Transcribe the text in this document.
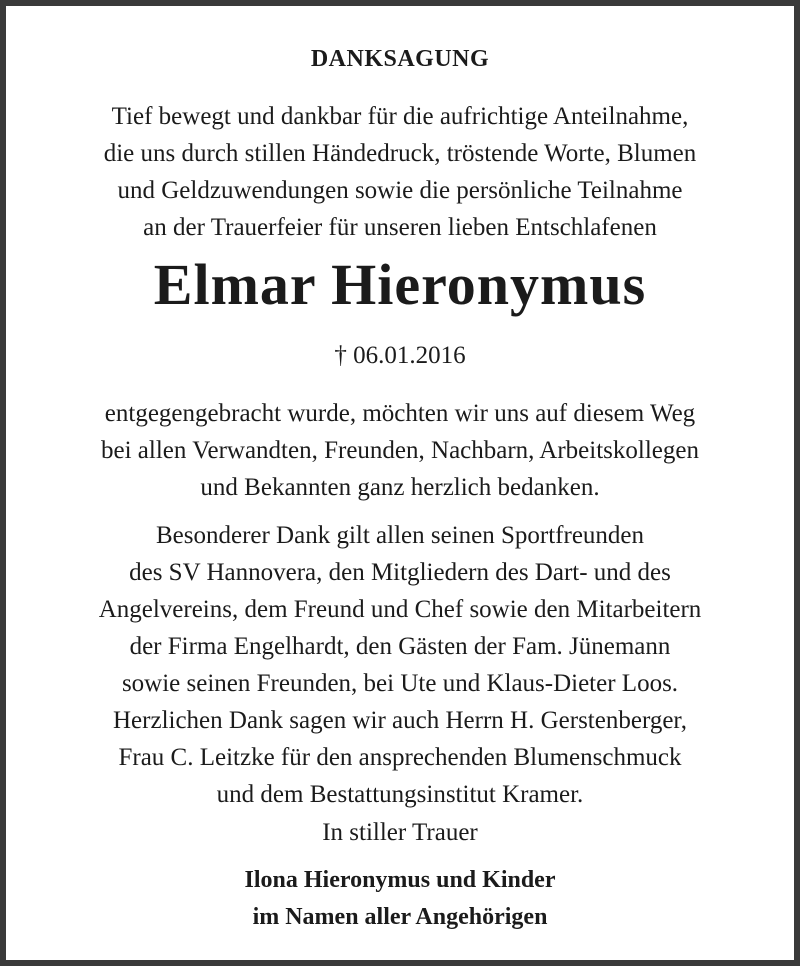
DANKSAGUNG
Tief bewegt und dankbar für die aufrichtige Anteilnahme,
die uns durch stillen Händedruck, tröstende Worte, Blumen
und Geldzuwendungen sowie die persönliche Teilnahme
an der Trauerfeier für unseren lieben Entschlafenen
Elmar Hieronymus
† 06.01.2016
entgegengebracht wurde, möchten wir uns auf diesem Weg
bei allen Verwandten, Freunden, Nachbarn, Arbeitskollegen
und Bekannten ganz herzlich bedanken.
Besonderer Dank gilt allen seinen Sportfreunden
des SV Hannovera, den Mitgliedern des Dart- und des
Angelvereins, dem Freund und Chef sowie den Mitarbeitern
der Firma Engelhardt, den Gästen der Fam. Jünemann
sowie seinen Freunden, bei Ute und Klaus-Dieter Loos.
Herzlichen Dank sagen wir auch Herrn H. Gerstenberger,
Frau C. Leitzke für den ansprechenden Blumenschmuck
und dem Bestattungsinstitut Kramer.
In stiller Trauer
Ilona Hieronymus und Kinder
im Namen aller Angehörigen
